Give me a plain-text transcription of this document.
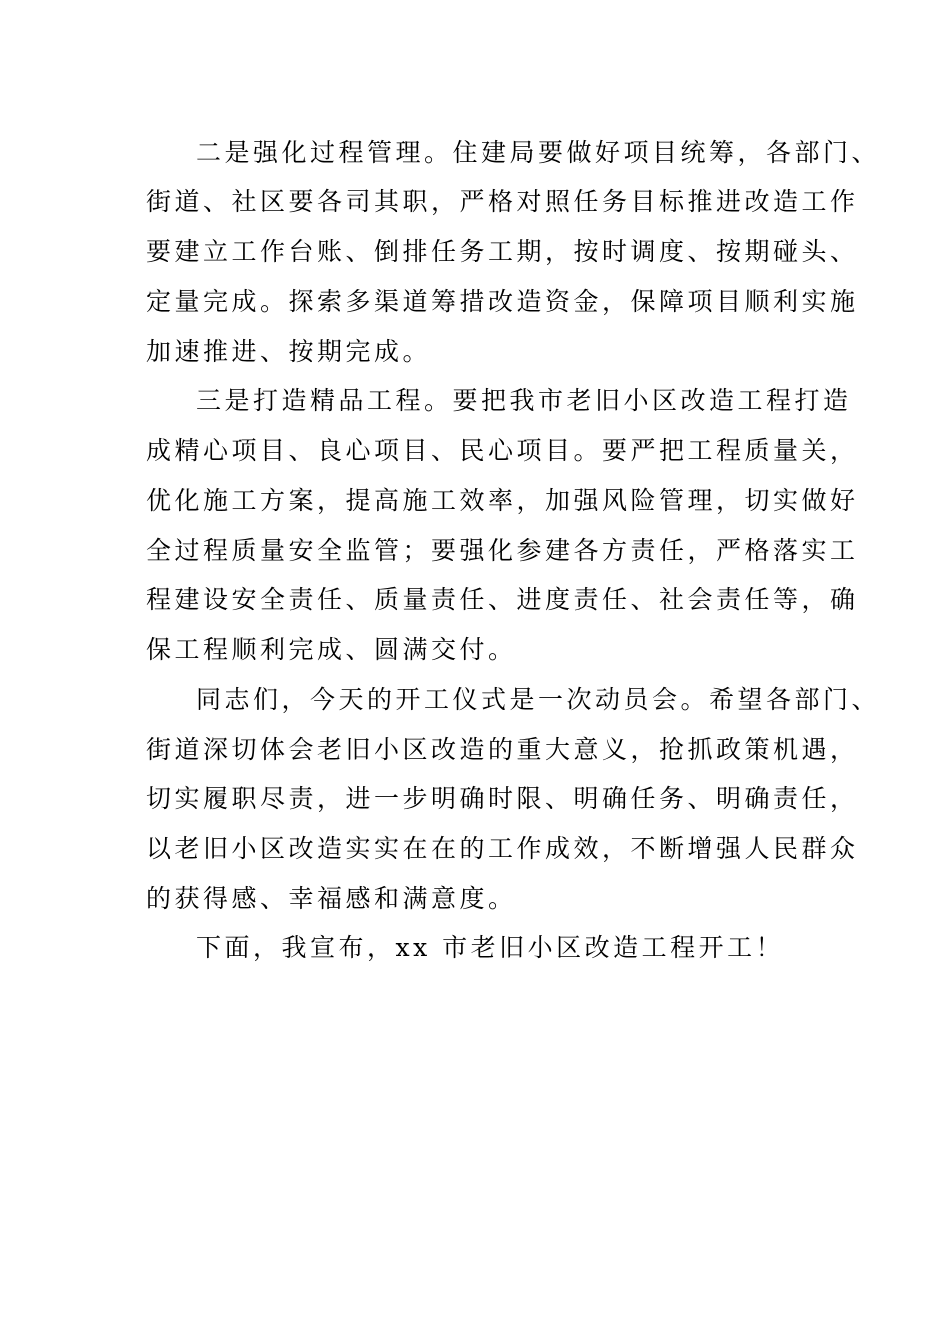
二是强化过程管理。住建局要做好项目统筹，各部门、
街道、社区要各司其职，严格对照任务目标推进改造工作
要建立工作台账、倒排任务工期，按时调度、按期碰头、
定量完成。探索多渠道筹措改造资金，保障项目顺利实施
加速推进、按期完成。
三是打造精品工程。要把我市老旧小区改造工程打造
成精心项目、良心项目、民心项目。要严把工程质量关，
优化施工方案，提高施工效率，加强风险管理，切实做好
全过程质量安全监管；要强化参建各方责任，严格落实工
程建设安全责任、质量责任、进度责任、社会责任等，确
保工程顺利完成、圆满交付。
同志们，今天的开工仪式是一次动员会。希望各部门、
街道深切体会老旧小区改造的重大意义，抢抓政策机遇，
切实履职尽责，进一步明确时限、明确任务、明确责任，
以老旧小区改造实实在在的工作成效，不断增强人民群众
的获得感、幸福感和满意度。
下面，我宣布，xx 市老旧小区改造工程开工！
